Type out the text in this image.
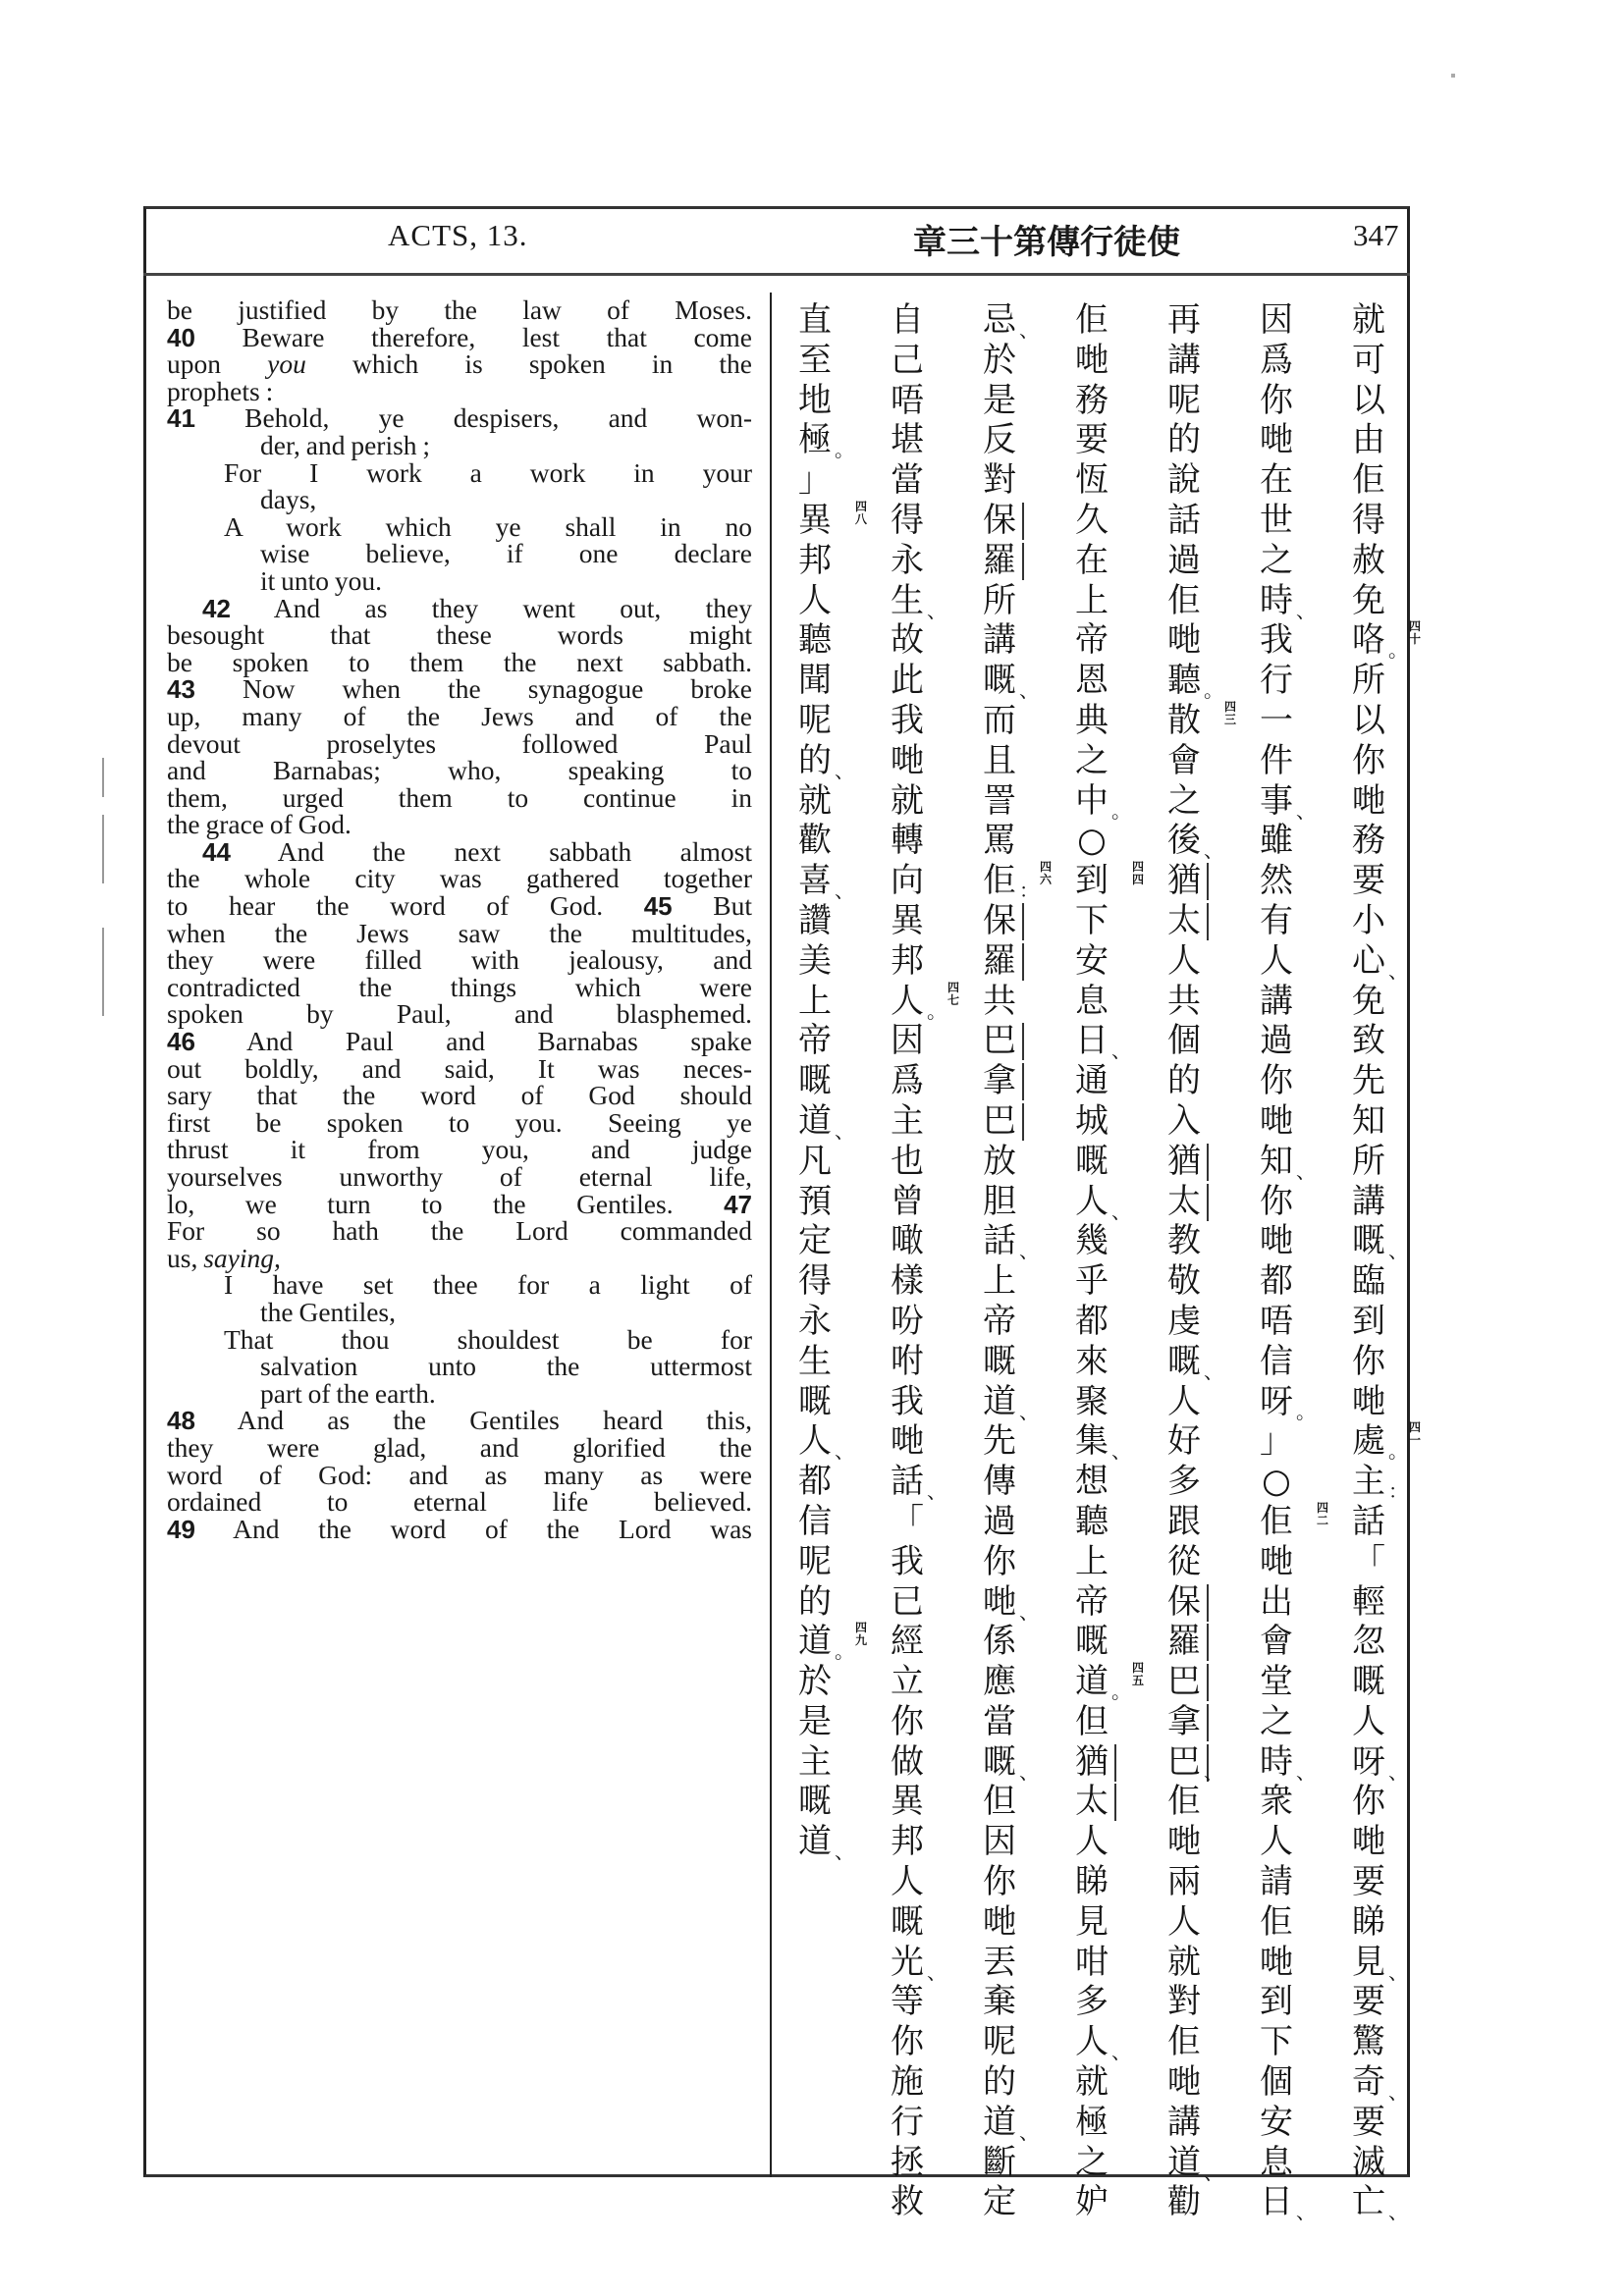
ACTS, 13.	章三十第傳行徒使	347
be justified by the law of Moses.
40 Beware therefore, lest that come
upon you which is spoken in the
prophets :
41 Behold, ye despisers, and won-
der, and perish ;
For I work a work in your
days,
A work which ye shall in no
wise believe, if one declare
it unto you.
42 And as they went out, they
besought that these words might
be spoken to them the next sabbath.
43 Now when the synagogue broke
up, many of the Jews and of the
devout proselytes followed Paul
and Barnabas; who, speaking to
them, urged them to continue in
the grace of God.
44 And the next sabbath almost
the whole city was gathered together
to hear the word of God. 45 But
when the Jews saw the multitudes,
they were filled with jealousy, and
contradicted the things which were
spoken by Paul, and blasphemed.
46 And Paul and Barnabas spake
out boldly, and said, It was neces-
sary that the word of God should
first be spoken to you. Seeing ye
thrust it from you, and judge
yourselves unworthy of eternal life,
lo, we turn to the Gentiles. 47
For so hath the Lord commanded
us, saying,
I have set thee for a light of
the Gentiles,
That thou shouldest be for
salvation unto the uttermost
part of the earth.
48 And as the Gentiles heard this,
they were glad, and glorified the
word of God: and as many as were
ordained to eternal life believed.
49 And the word of the Lord was
就
可
以
由
佢
得
赦
免
咯 。
四十
所
以
你
哋
務
要
小
心 、
免
致
先
知
所
講
嘅 、
臨
到
你
哋
處 。
四一
主 ：
話
「
輕
忽
嘅
人
呀 、
你
哋
要
睇
見 、
要
驚
奇 、
要
滅
亡 、
因
爲
你
哋
在
世
之
時 、
我
行
一
件
事 、
雖
然
有
人
講
過
你
哋
知 、
你
哋
都
唔
信
呀 。
」
○
佢	四二
哋
出
會
堂
之
時 、
衆
人
請
佢
哋
到
下
個
安
息
日 、
再
講
呢
的
說
話
過
佢
哋
聽 。
散	四三
會
之
後 、
猶
太
人
共
個
的
入
猶
太
教
敬
虔
嘅 、
人
好
多
跟
從
保
羅
巴
拿
巴 、
佢
哋
兩
人
就
對
佢
哋
講
道 、
勸
佢
哋
務
要
恆
久
在
上
帝
恩
典
之
中 。
○
到	四四
下
安
息
日 、
通
城
嘅
人 、
幾
乎
都
來
聚
集 、
想
聽
上
帝
嘅
道 。
四五
但
猶
太
人
睇
見
咁
多
人 、
就
極
之
妒
忌 、
於
是
反
對
保
羅
所
講
嘅 、
而
且
詈
罵
佢 ：
四六
保
羅
共
巴
拿
巴
放
胆
話 、
上
帝
嘅
道 、
先
傳
過
你
哋 、
係
應
當
嘅 、
但
因
你
哋
丟
棄
呢
的
道 、
斷
定
自
己
唔
堪
當
得
永
生 、
故
此
我
哋
就
轉
向
異
邦
人 。
四七
因
爲
主
也
曾
噉
樣
吩
咐
我
哋
話 、
「
我
已
經
立
你
做
異
邦
人
嘅
光 、
等
你
施
行
拯
救
直
至
地
極 。
」
異	四八
邦
人
聽
聞
呢
的 、
就
歡
喜 、
讚
美
上
帝
嘅
道 、
凡
預
定
得
永
生
嘅
人 、
都
信
呢
的
道 。
四九
於
是
主
嘅
道 、
